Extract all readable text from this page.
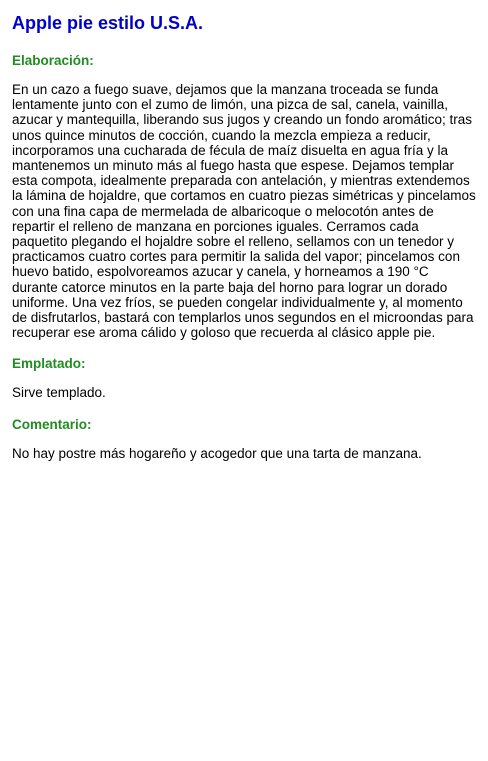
Apple pie estilo U.S.A.
Elaboración:

En un cazo a fuego suave, dejamos que la manzana troceada se funda lentamente junto con el zumo de limón, una pizca de sal, canela, vainilla, azucar y mantequilla, liberando sus jugos y creando un fondo aromático; tras unos quince minutos de cocción, cuando la mezcla empieza a reducir, incorporamos una cucharada de fécula de maíz disuelta en agua fría y la mantenemos un minuto más al fuego hasta que espese. Dejamos templar esta compota, idealmente preparada con antelación, y mientras extendemos la lámina de hojaldre, que cortamos en cuatro piezas simétricas y pincelamos con una fina capa de mermelada de albaricoque o melocotón antes de repartir el relleno de manzana en porciones iguales. Cerramos cada paquetito plegando el hojaldre sobre el relleno, sellamos con un tenedor y practicamos cuatro cortes para permitir la salida del vapor; pincelamos con huevo batido, espolvoreamos azucar y canela, y horneamos a 190 °C durante catorce minutos en la parte baja del horno para lograr un dorado uniforme. Una vez fríos, se pueden congelar individualmente y, al momento de disfrutarlos, bastará con templarlos unos segundos en el microondas para recuperar ese aroma cálido y goloso que recuerda al clásico apple pie.

Emplatado:

Sirve templado.

Comentario:

No hay postre más hogareño y acogedor que una tarta de manzana.
